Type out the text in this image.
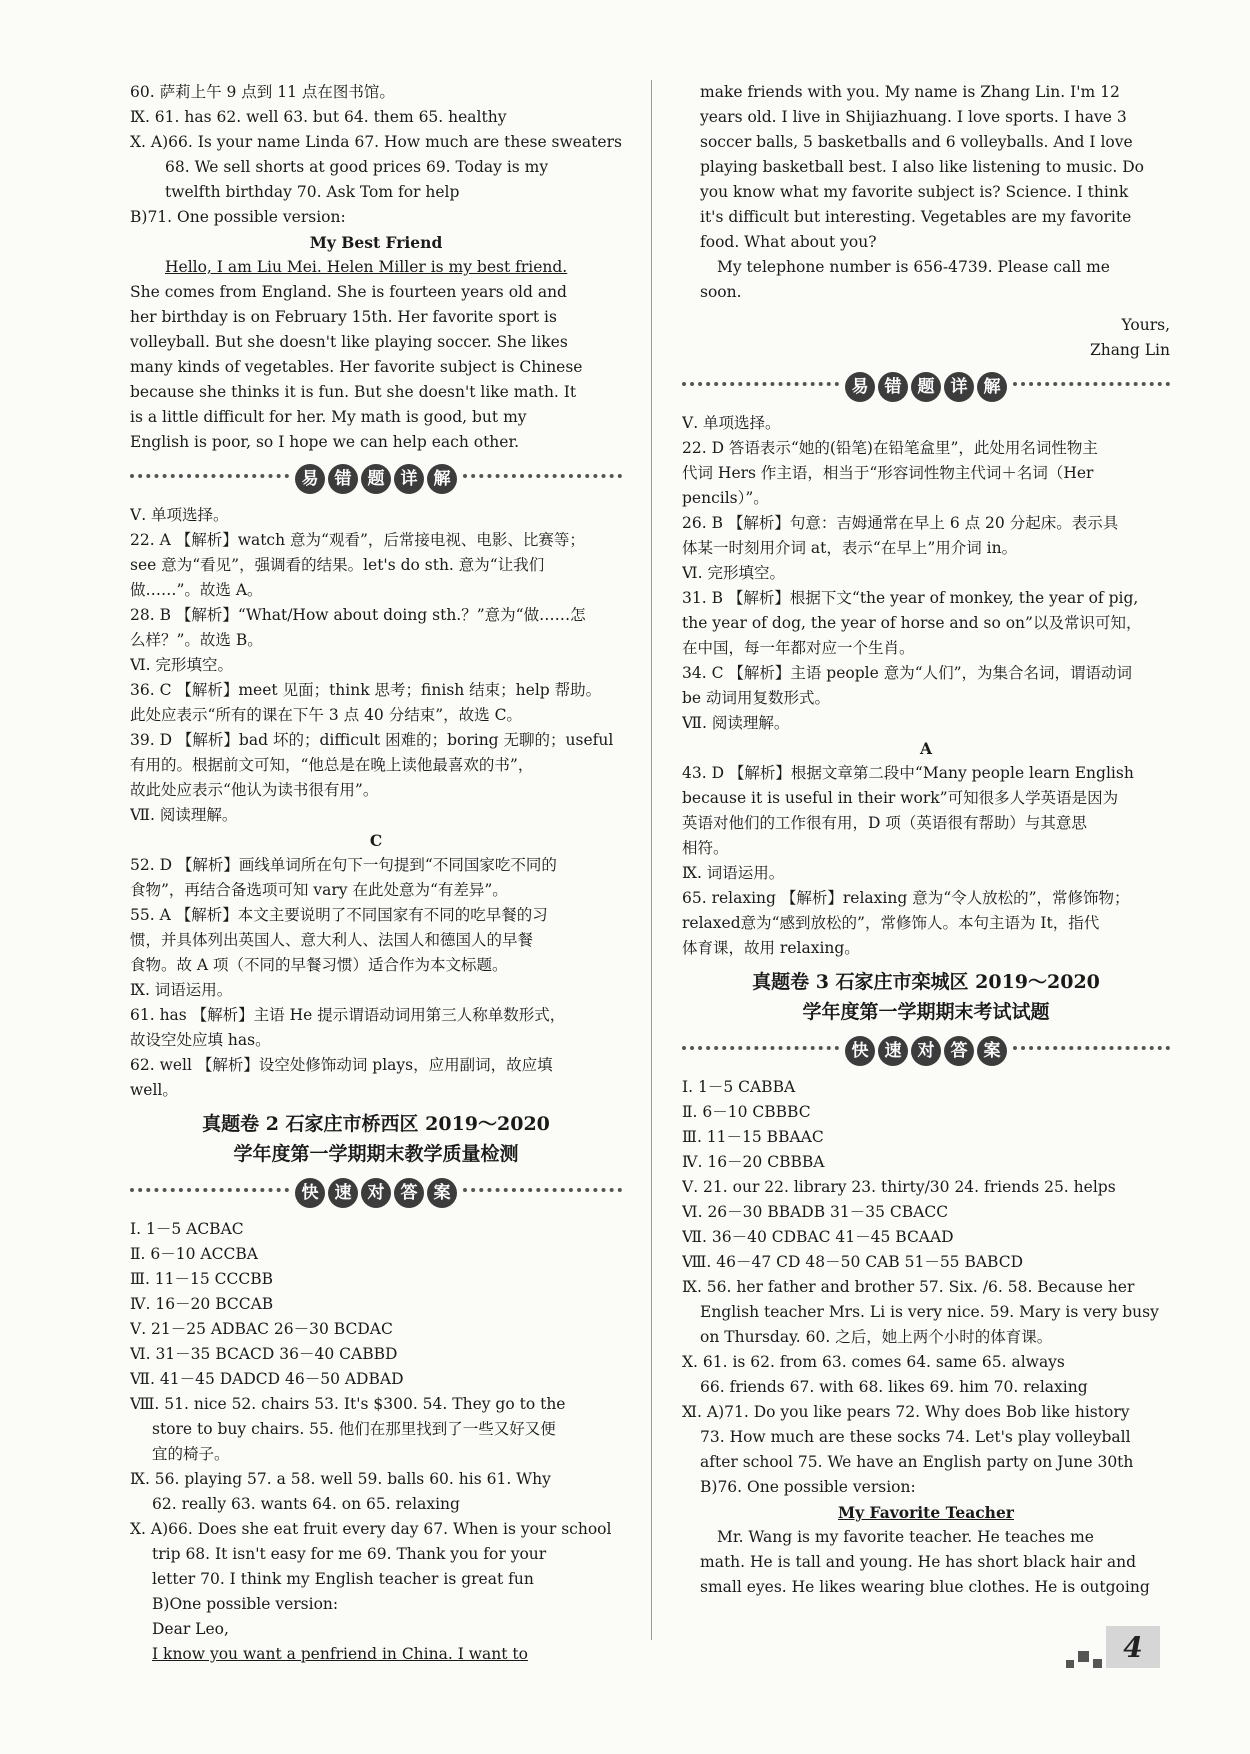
60. 萨莉上午 9 点到 11 点在图书馆。
Ⅸ. 61. has 62. well 63. but 64. them 65. healthy
Ⅹ. A)66. Is your name Linda 67. How much are these sweaters
68. We sell shorts at good prices 69. Today is my
twelfth birthday 70. Ask Tom for help
B)71. One possible version:
My Best Friend
Hello, I am Liu Mei. Helen Miller is my best friend.
She comes from England. She is fourteen years old and
her birthday is on February 15th. Her favorite sport is
volleyball. But she doesn't like playing soccer. She likes
many kinds of vegetables. Her favorite subject is Chinese
because she thinks it is fun. But she doesn't like math. It
is a little difficult for her. My math is good, but my
English is poor, so I hope we can help each other.
易 错 题 详 解
Ⅴ. 单项选择。
22. A 【解析】watch 意为“观看”，后常接电视、电影、比赛等；
see 意为“看见”，强调看的结果。let's do sth. 意为“让我们
做……”。故选 A。
28. B 【解析】“What/How about doing sth.？”意为“做……怎
么样？”。故选 B。
Ⅵ. 完形填空。
36. C 【解析】meet 见面；think 思考；finish 结束；help 帮助。
此处应表示“所有的课在下午 3 点 40 分结束”，故选 C。
39. D 【解析】bad 坏的；difficult 困难的；boring 无聊的；useful
有用的。根据前文可知，“他总是在晚上读他最喜欢的书”，
故此处应表示“他认为读书很有用”。
Ⅶ. 阅读理解。
C
52. D 【解析】画线单词所在句下一句提到“不同国家吃不同的
食物”，再结合备选项可知 vary 在此处意为“有差异”。
55. A 【解析】本文主要说明了不同国家有不同的吃早餐的习
惯，并具体列出英国人、意大利人、法国人和德国人的早餐
食物。故 A 项（不同的早餐习惯）适合作为本文标题。
Ⅸ. 词语运用。
61. has 【解析】主语 He 提示谓语动词用第三人称单数形式，
故设空处应填 has。
62. well 【解析】设空处修饰动词 plays，应用副词，故应填
well。
真题卷 2 石家庄市桥西区 2019～2020
学年度第一学期期末教学质量检测
快 速 对 答 案
Ⅰ. 1－5 ACBAC
Ⅱ. 6－10 ACCBA
Ⅲ. 11－15 CCCBB
Ⅳ. 16－20 BCCAB
Ⅴ. 21－25 ADBAC 26－30 BCDAC
Ⅵ. 31－35 BCACD 36－40 CABBD
Ⅶ. 41－45 DADCD 46－50 ADBAD
Ⅷ. 51. nice 52. chairs 53. It's $300. 54. They go to the
store to buy chairs. 55. 他们在那里找到了一些又好又便
宜的椅子。
Ⅸ. 56. playing 57. a 58. well 59. balls 60. his 61. Why
62. really 63. wants 64. on 65. relaxing
Ⅹ. A)66. Does she eat fruit every day 67. When is your school
trip 68. It isn't easy for me 69. Thank you for your
letter 70. I think my English teacher is great fun
B)One possible version:
Dear Leo,
I know you want a penfriend in China. I want to
make friends with you. My name is Zhang Lin. I'm 12
years old. I live in Shijiazhuang. I love sports. I have 3
soccer balls, 5 basketballs and 6 volleyballs. And I love
playing basketball best. I also like listening to music. Do
you know what my favorite subject is? Science. I think
it's difficult but interesting. Vegetables are my favorite
food. What about you?
My telephone number is 656-4739. Please call me
soon.
Yours,
Zhang Lin
易 错 题 详 解
Ⅴ. 单项选择。
22. D 答语表示“她的(铅笔)在铅笔盒里”，此处用名词性物主
代词 Hers 作主语，相当于“形容词性物主代词＋名词（Her
pencils）”。
26. B 【解析】句意：吉姆通常在早上 6 点 20 分起床。表示具
体某一时刻用介词 at，表示“在早上”用介词 in。
Ⅵ. 完形填空。
31. B 【解析】根据下文“the year of monkey, the year of pig,
the year of dog, the year of horse and so on”以及常识可知，
在中国，每一年都对应一个生肖。
34. C 【解析】主语 people 意为“人们”，为集合名词，谓语动词
be 动词用复数形式。
Ⅶ. 阅读理解。
A
43. D 【解析】根据文章第二段中“Many people learn English
because it is useful in their work”可知很多人学英语是因为
英语对他们的工作很有用，D 项（英语很有帮助）与其意思
相符。
Ⅸ. 词语运用。
65. relaxing 【解析】relaxing 意为“令人放松的”，常修饰物；
relaxed意为“感到放松的”，常修饰人。本句主语为 It，指代
体育课，故用 relaxing。
真题卷 3 石家庄市栾城区 2019～2020
学年度第一学期期末考试试题
快 速 对 答 案
Ⅰ. 1－5 CABBA
Ⅱ. 6－10 CBBBC
Ⅲ. 11－15 BBAAC
Ⅳ. 16－20 CBBBA
Ⅴ. 21. our 22. library 23. thirty/30 24. friends 25. helps
Ⅵ. 26－30 BBADB 31－35 CBACC
Ⅶ. 36－40 CDBAC 41－45 BCAAD
Ⅷ. 46－47 CD 48－50 CAB 51－55 BABCD
Ⅸ. 56. her father and brother 57. Six. /6. 58. Because her
English teacher Mrs. Li is very nice. 59. Mary is very busy
on Thursday. 60. 之后，她上两个小时的体育课。
Ⅹ. 61. is 62. from 63. comes 64. same 65. always
66. friends 67. with 68. likes 69. him 70. relaxing
Ⅺ. A)71. Do you like pears 72. Why does Bob like history
73. How much are these socks 74. Let's play volleyball
after school 75. We have an English party on June 30th
B)76. One possible version:
My Favorite Teacher
Mr. Wang is my favorite teacher. He teaches me
math. He is tall and young. He has short black hair and
small eyes. He likes wearing blue clothes. He is outgoing
4
